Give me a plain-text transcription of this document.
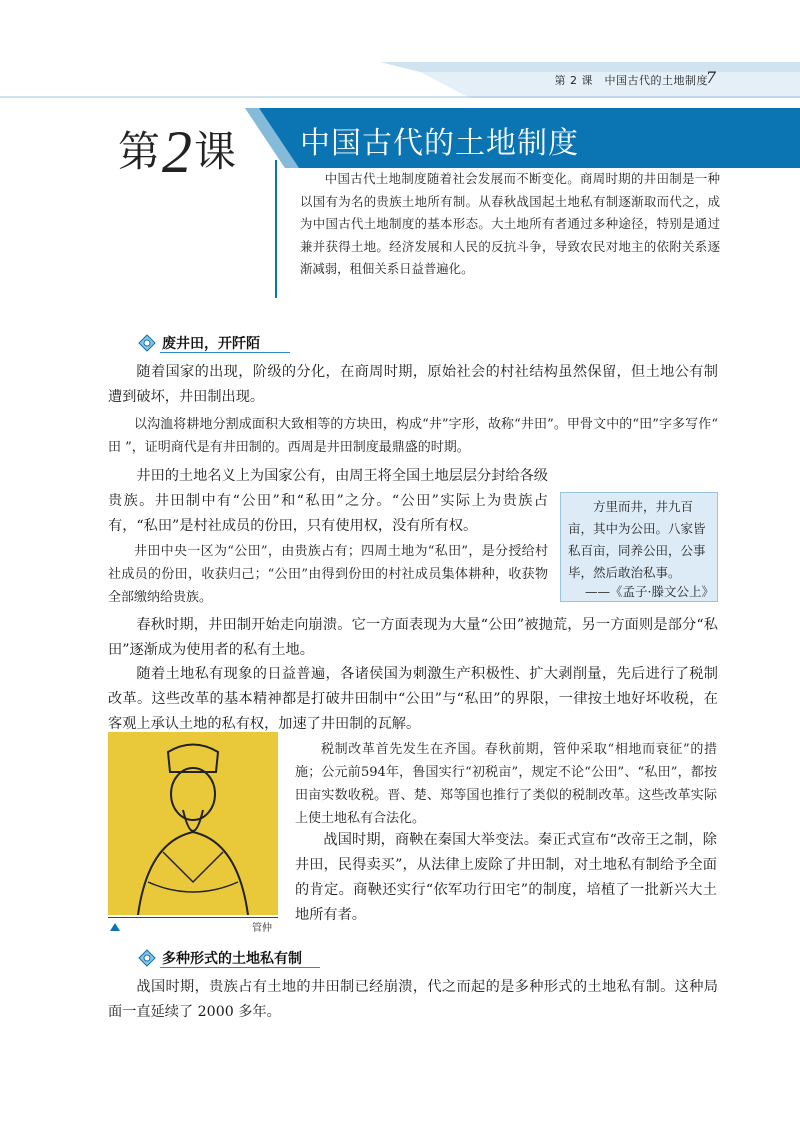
第 2 课　中国古代的土地制度
7
第2课 中国古代的土地制度
中国古代土地制度随着社会发展而不断变化。商周时期的井田制是一种以国有为名的贵族土地所有制。从春秋战国起土地私有制逐渐取而代之，成为中国古代土地制度的基本形态。大土地所有者通过多种途径，特别是通过兼并获得土地。经济发展和人民的反抗斗争，导致农民对地主的依附关系逐渐减弱，租佃关系日益普遍化。
废井田，开阡陌
随着国家的出现，阶级的分化，在商周时期，原始社会的村社结构虽然保留，但土地公有制遭到破坏，井田制出现。
以沟洫将耕地分割成面积大致相等的方块田，构成“井”字形，故称“井田”。甲骨文中的“田”字多写作“ 田 ”，证明商代是有井田制的。西周是井田制度最鼎盛的时期。
井田的土地名义上为国家公有，由周王将全国土地层层分封给各级贵族。井田制中有“公田”和“私田”之分。“公田”实际上为贵族占有，“私田”是村社成员的份田，只有使用权，没有所有权。
井田中央一区为“公田”，由贵族占有；四周土地为“私田”，是分授给村社成员的份田，收获归己；“公田”由得到份田的村社成员集体耕种，收获物全部缴纳给贵族。
方里而井，井九百亩，其中为公田。八家皆私百亩，同养公田，公事毕，然后敢治私事。
——《孟子·滕文公上》
春秋时期，井田制开始走向崩溃。它一方面表现为大量“公田”被抛荒，另一方面则是部分“私田”逐渐成为使用者的私有土地。
随着土地私有现象的日益普遍，各诸侯国为刺激生产积极性、扩大剥削量，先后进行了税制改革。这些改革的基本精神都是打破井田制中“公田”与“私田”的界限，一律按土地好坏收税，在客观上承认土地的私有权，加速了井田制的瓦解。
管仲
税制改革首先发生在齐国。春秋前期，管仲采取“相地而衰征”的措施；公元前594年，鲁国实行“初税亩”，规定不论“公田”、“私田”，都按田亩实数收税。晋、楚、郑等国也推行了类似的税制改革。这些改革实际上使土地私有合法化。
战国时期，商鞅在秦国大举变法。秦正式宣布“改帝王之制，除井田，民得卖买”，从法律上废除了井田制，对土地私有制给予全面的肯定。商鞅还实行“依军功行田宅”的制度，培植了一批新兴大土地所有者。
多种形式的土地私有制
战国时期，贵族占有土地的井田制已经崩溃，代之而起的是多种形式的土地私有制。这种局面一直延续了 2000 多年。
